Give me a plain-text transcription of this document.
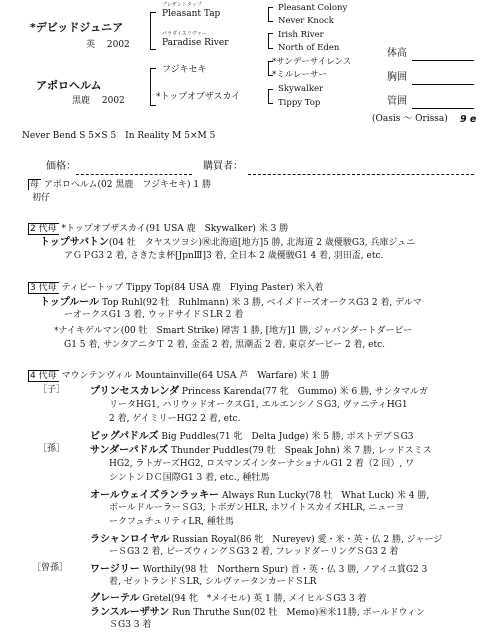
*デビッドジュニア
英　 2002
アポロヘルム
黒鹿　 2002
プレザントタップ
Pleasant Tap
パラダイスリヴァー
Paradise River
フジキセキ
*トップオブザスカイ
Pleasant Colony
Never Knock
Irish River
North of Eden
*サンデーサイレンス
*ミルレーサー
Skywalker
Tippy Top
体高
胸囲
管囲
(Oasis ～ Orissa) 9 e
Never Bend S 5×S 5　In Reality M 5×M 5
価格：	購買者：
母 アポロヘルム(02 黒鹿　フジキセキ) 1 勝
初仔
2 代母 *トップオブザスカイ(91 USA 鹿　Skywalker) 米 3 勝
トップサバトン(04 牡　タヤスツヨシ)㊗北海道[地方]5 勝, 北海道 2 歳優駿G3, 兵庫ジュニ
アＧＰG3 2 着, さきたま杯[JpnⅢ]3 着, 全日本 2 歳優駿G1 4 着, 羽田盃, etc.
3 代母 ティピートップ Tippy Top(84 USA 鹿　Flying Paster) 米入着
トップルール Top Ruhl(92 牡　Ruhlmann) 米 3 勝, ベイメドーズオークスG3 2 着, デルマ
ーオークスG1 3 着, ウッドサイドＳLR 2 着
*ナイキゲルマン(00 牡　Smart Strike) 障害 1 勝, [地方]1 勝, ジャパンダートダービー
G1 5 着, サンタアニタＴ 2 着, 金盃 2 着, 黒潮盃 2 着, 東京ダービー 2 着, etc.
4 代母 マウンテンヴィル Mountainville(64 USA 芦　Warfare) 米 1 勝
［子］ プリンセスカレンダ Princess Karenda(77 牝　Gummo) 米 6 勝, サンタマルガ
リータHG1, ハリウッドオークスG1, エルエンシノＳG3, ヴァニティHG1
2 着, ゲイミリーHG2 2 着, etc.
ビッグパドルズ Big Puddles(71 牝　Delta Judge) 米 5 勝, ボストデブＳG3
［孫］ サンダーパドルズ Thunder Puddles(79 牡　Speak John) 米 7 勝, レッドスミス
HG2, ラトガーズHG2, ロスマンズインターナショナルG1 2 着（2 回）, ワ
シントンＤＣ国際G1 3 着, etc., 種牡馬
オールウェイズランラッキー Always Run Lucky(78 牡　What Luck) 米 4 勝,
ボールドルーラーＳG3, トボガンHLR, ホワイトスカイズHLR, ニューヨ
ークフュチュリティLR, 種牡馬
ラシャンロイヤル Russian Royal(86 牝　Nureyev) 愛・米・英・仏 2 勝, ジャージ
ーＳG3 2 着, ビーズウィングＳG3 2 着, フレッドダーリングＳG3 2 着
［曾孫］ ワージリー Worthily(98 牡　Northern Spur) 首・英・仏 3 勝, ノアイユ賞G2 3
着, ゼットランドＳLR, シルヴァータンカードＳLR
グレーテル Gretel(94 牝　*メイセル) 英 1 勝, メイヒルＳG3 3 着
ランスルーザサン Run Thruthe Sun(02 牡　Memo)㊗米11勝, ボールドウィン
ＳG3 3 着
